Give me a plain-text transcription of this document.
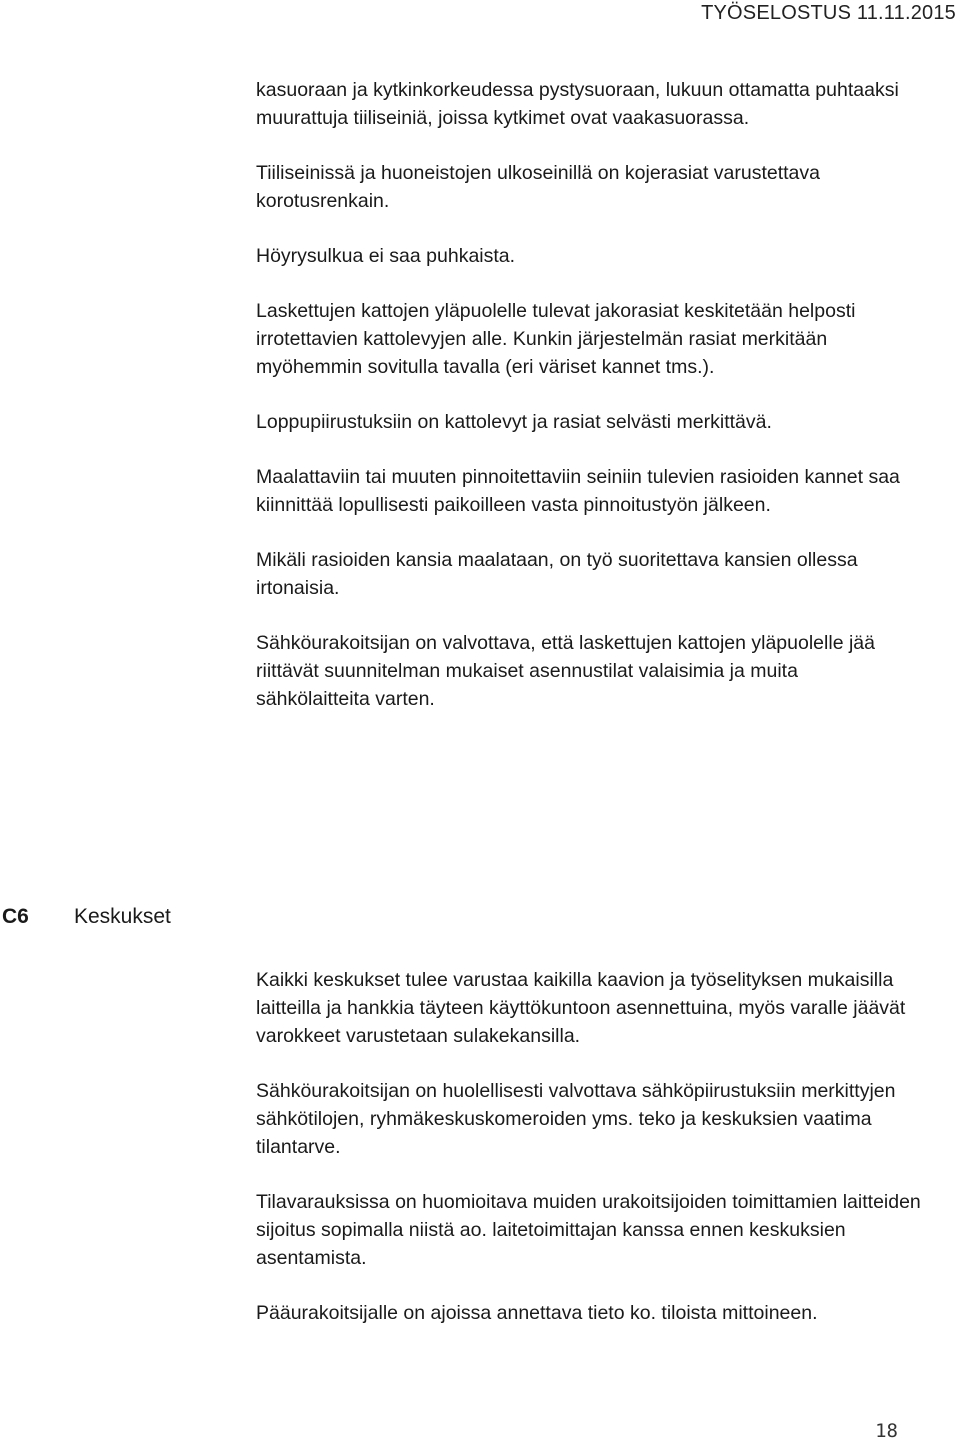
TYÖSELOSTUS 11.11.2015

kasuoraan ja kytkinkorkeudessa pystysuoraan, lukuun ottamatta puhtaaksi muurattuja tiiliseiniä, joissa kytkimet ovat vaakasuorassa.

Tiiliseinissä ja huoneistojen ulkoseinillä on kojerasiat varustettava korotusrenkain.

Höyrysulkua ei saa puhkaista.

Laskettujen kattojen yläpuolelle tulevat jakorasiat keskitetään helposti irrotettavien kattolevyjen alle. Kunkin järjestelmän rasiat merkitään myöhemmin sovitulla tavalla (eri väriset kannet tms.).

Loppupiirustuksiin on kattolevyt ja rasiat selvästi merkittävä.

Maalattaviin tai muuten pinnoitettaviin seiniin tulevien rasioiden kannet saa kiinnittää lopullisesti paikoilleen vasta pinnoitustyön jälkeen.

Mikäli rasioiden kansia maalataan, on työ suoritettava kansien ollessa irtonaisia.

Sähköurakoitsijan on valvottava, että laskettujen kattojen yläpuolelle jää riittävät suunnitelman mukaiset asennustilat valaisimia ja muita sähkölaitteita varten.

C6 Keskukset

Kaikki keskukset tulee varustaa kaikilla kaavion ja työselityksen mukaisilla laitteilla ja hankkia täyteen käyttökuntoon asennettuina, myös varalle jäävät varokkeet varustetaan sulakekansilla.

Sähköurakoitsijan on huolellisesti valvottava sähköpiirustuksiin merkittyjen sähkötilojen, ryhmäkeskuskomeroiden yms. teko ja keskuksien vaatima tilantarve.

Tilavarauksissa on huomioitava muiden urakoitsijoiden toimittamien laitteiden sijoitus sopimalla niistä ao. laitetoimittajan kanssa ennen keskuksien asentamista.

Pääurakoitsijalle on ajoissa annettava tieto ko. tiloista mittoineen.

18
